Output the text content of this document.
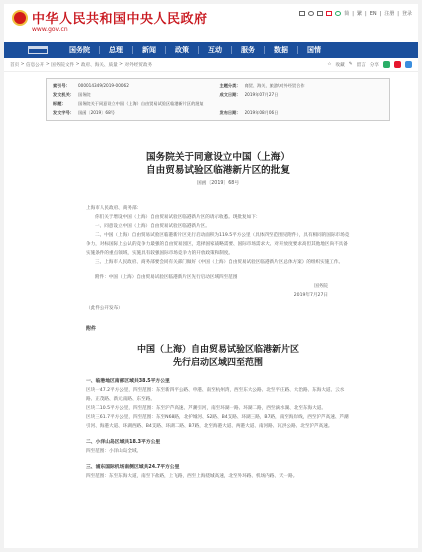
中华人民共和国中央人民政府
www.gov.cn
简 | 繁 | EN | 注册 | 登录
国务院	总理	新闻	政策	互动	服务	数据	国情
首页 > 信息公开 > 国务院文件 > 政府、海关、质量 > 对外经贸政务	☆ 收藏 ✎ 留言 分享
索引号：	000014349/2019-00062	主题分类： 商贸、海关、旅游\对外经贸合作
发文机关： 国务院	成文日期： 2019年07月27日
标题：	国务院关于同意设立中国（上海）自由贸易试验区临港新片区的批复
发文字号： 国函〔2019〕68号	发布日期： 2019年08月06日
国务院关于同意设立中国（上海）
自由贸易试验区临港新片区的批复
国函〔2019〕68号
上海市人民政府、商务部：
你们关于增设中国（上海）自由贸易试验区临港新片区的请示收悉。现批复如下：
一、同意设立中国（上海）自由贸易试验区临港新片区。
二、中国（上海）自由贸易试验区临港新片区先行启动面积为119.5平方公里（具体四至范围见附件），具有相同的国际市场竞争力，对标国际上公认的竞争力最强的自由贸易园区，选择国家战略需要、国际市场需求大、对开放度要求高但其他地区尚不具备实施条件的重点领域，实施具有较强国际市场竞争力的开放政策和制度。
三、上海市人民政府、商务部要会同有关部门做好《中国（上海）自由贸易试验区临港新片区总体方案》的组织实施工作。
附件：中国（上海）自由贸易试验区临港新片区先行启动区域四至范围
国务院
2019年7月27日
（此件公开发布）
附件
中国（上海）自由贸易试验区临港新片区
先行启动区域四至范围
一、临港地区南部区域共38.5平方公里
区块一47.2平方公里，四至范围：东至新四平公路、申港、南至杭州湾，西至东大公路、北至平庄路、大治路、东海大道、云水路、正茂路、新元南路、东至路。
区块二10.5平方公里，四至范围：东至沪芦高速、芦潮引河，南至环湖一路、环湖二路，西至滴水湖、北至东海大道。
区块三61.7平方公里，四至范围：东至N68路，北护城河、S2路、B4支路、环湖三路，B7路，南至海岸线，西至沪芦高速、芦潮引河、海港大道、环湖西路、B4支路、环湖二路、B7路，北至海港大道、两港大道、南河路、瓦洪公路、北至沪芦高速。
二、小洋山岛区域共18.3平方公里
四至范围：小洋山岛全域。
三、浦东国际机场南侧区域共24.7平方公里
四至范围：东至东海大道，南至下盐路，上飞路，西至上海绕城高速，北至外环路、机场内路、天一路。
